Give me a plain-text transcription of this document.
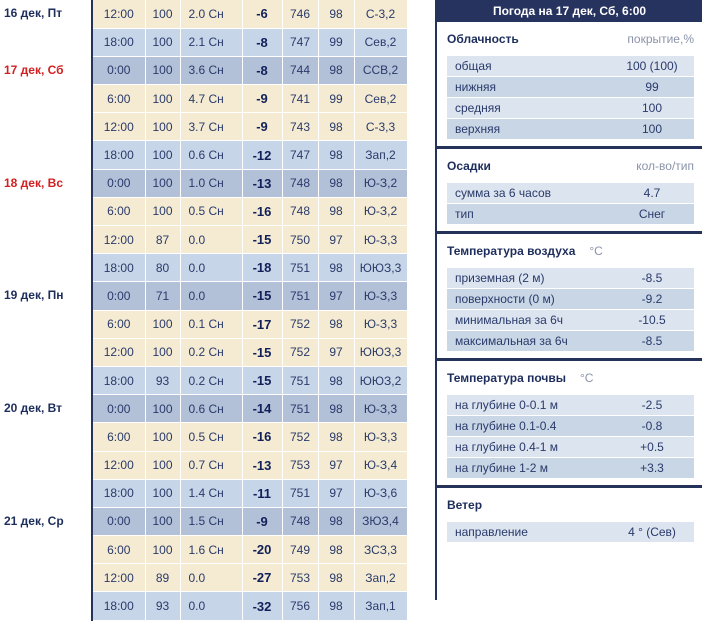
16 дек, Пт	12:00	100	2.0 Сн	-6	746	98	С-3,2	
	18:00	100	2.1 Сн	-8	747	99	Сев,2	
17 дек, Сб	0:00	100	3.6 Сн	-8	744	98	ССВ,2	
	6:00	100	4.7 Сн	-9	741	99	Сев,2	
	12:00	100	3.7 Сн	-9	743	98	С-3,3	
	18:00	100	0.6 Сн	-12	747	98	Зап,2	
18 дек, Вс	0:00	100	1.0 Сн	-13	748	98	Ю-З,2	
	6:00	100	0.5 Сн	-16	748	98	Ю-З,2	
	12:00	87	0.0	-15	750	97	Ю-З,3	
	18:00	80	0.0	-18	751	98	ЮЮЗ,3	
19 дек, Пн	0:00	71	0.0	-15	751	97	Ю-З,3	
	6:00	100	0.1 Сн	-17	752	98	Ю-З,3	
	12:00	100	0.2 Сн	-15	752	97	ЮЮЗ,3	
	18:00	93	0.2 Сн	-15	751	98	ЮЮЗ,2	
20 дек, Вт	0:00	100	0.6 Сн	-14	751	98	Ю-З,3	
	6:00	100	0.5 Сн	-16	752	98	Ю-З,3	
	12:00	100	0.7 Сн	-13	753	97	Ю-З,4	
	18:00	100	1.4 Сн	-11	751	97	Ю-З,6	
21 дек, Ср	0:00	100	1.5 Сн	-9	748	98	ЗЮЗ,4	
	6:00	100	1.6 Сн	-20	749	98	ЗСЗ,3	
	12:00	89	0.0	-27	753	98	Зап,2	
	18:00	93	0.0	-32	756	98	Зап,1	
Погода на 17 дек, Сб, 6:00
Облачность	покрытие,%
общая	100 (100)
нижняя	99
средняя	100
верхняя	100
Осадки	кол-во/тип
сумма за 6 часов	4.7
тип	Снег
Температура воздуха °C
приземная (2 м)	-8.5
поверхности (0 м)	-9.2
минимальная за 6ч	-10.5
максимальная за 6ч	-8.5
Температура почвы °C
на глубине 0-0.1 м	-2.5
на глубине 0.1-0.4	-0.8
на глубине 0.4-1 м	+0.5
на глубине 1-2 м	+3.3
Ветер
направление	4 ° (Сев)
